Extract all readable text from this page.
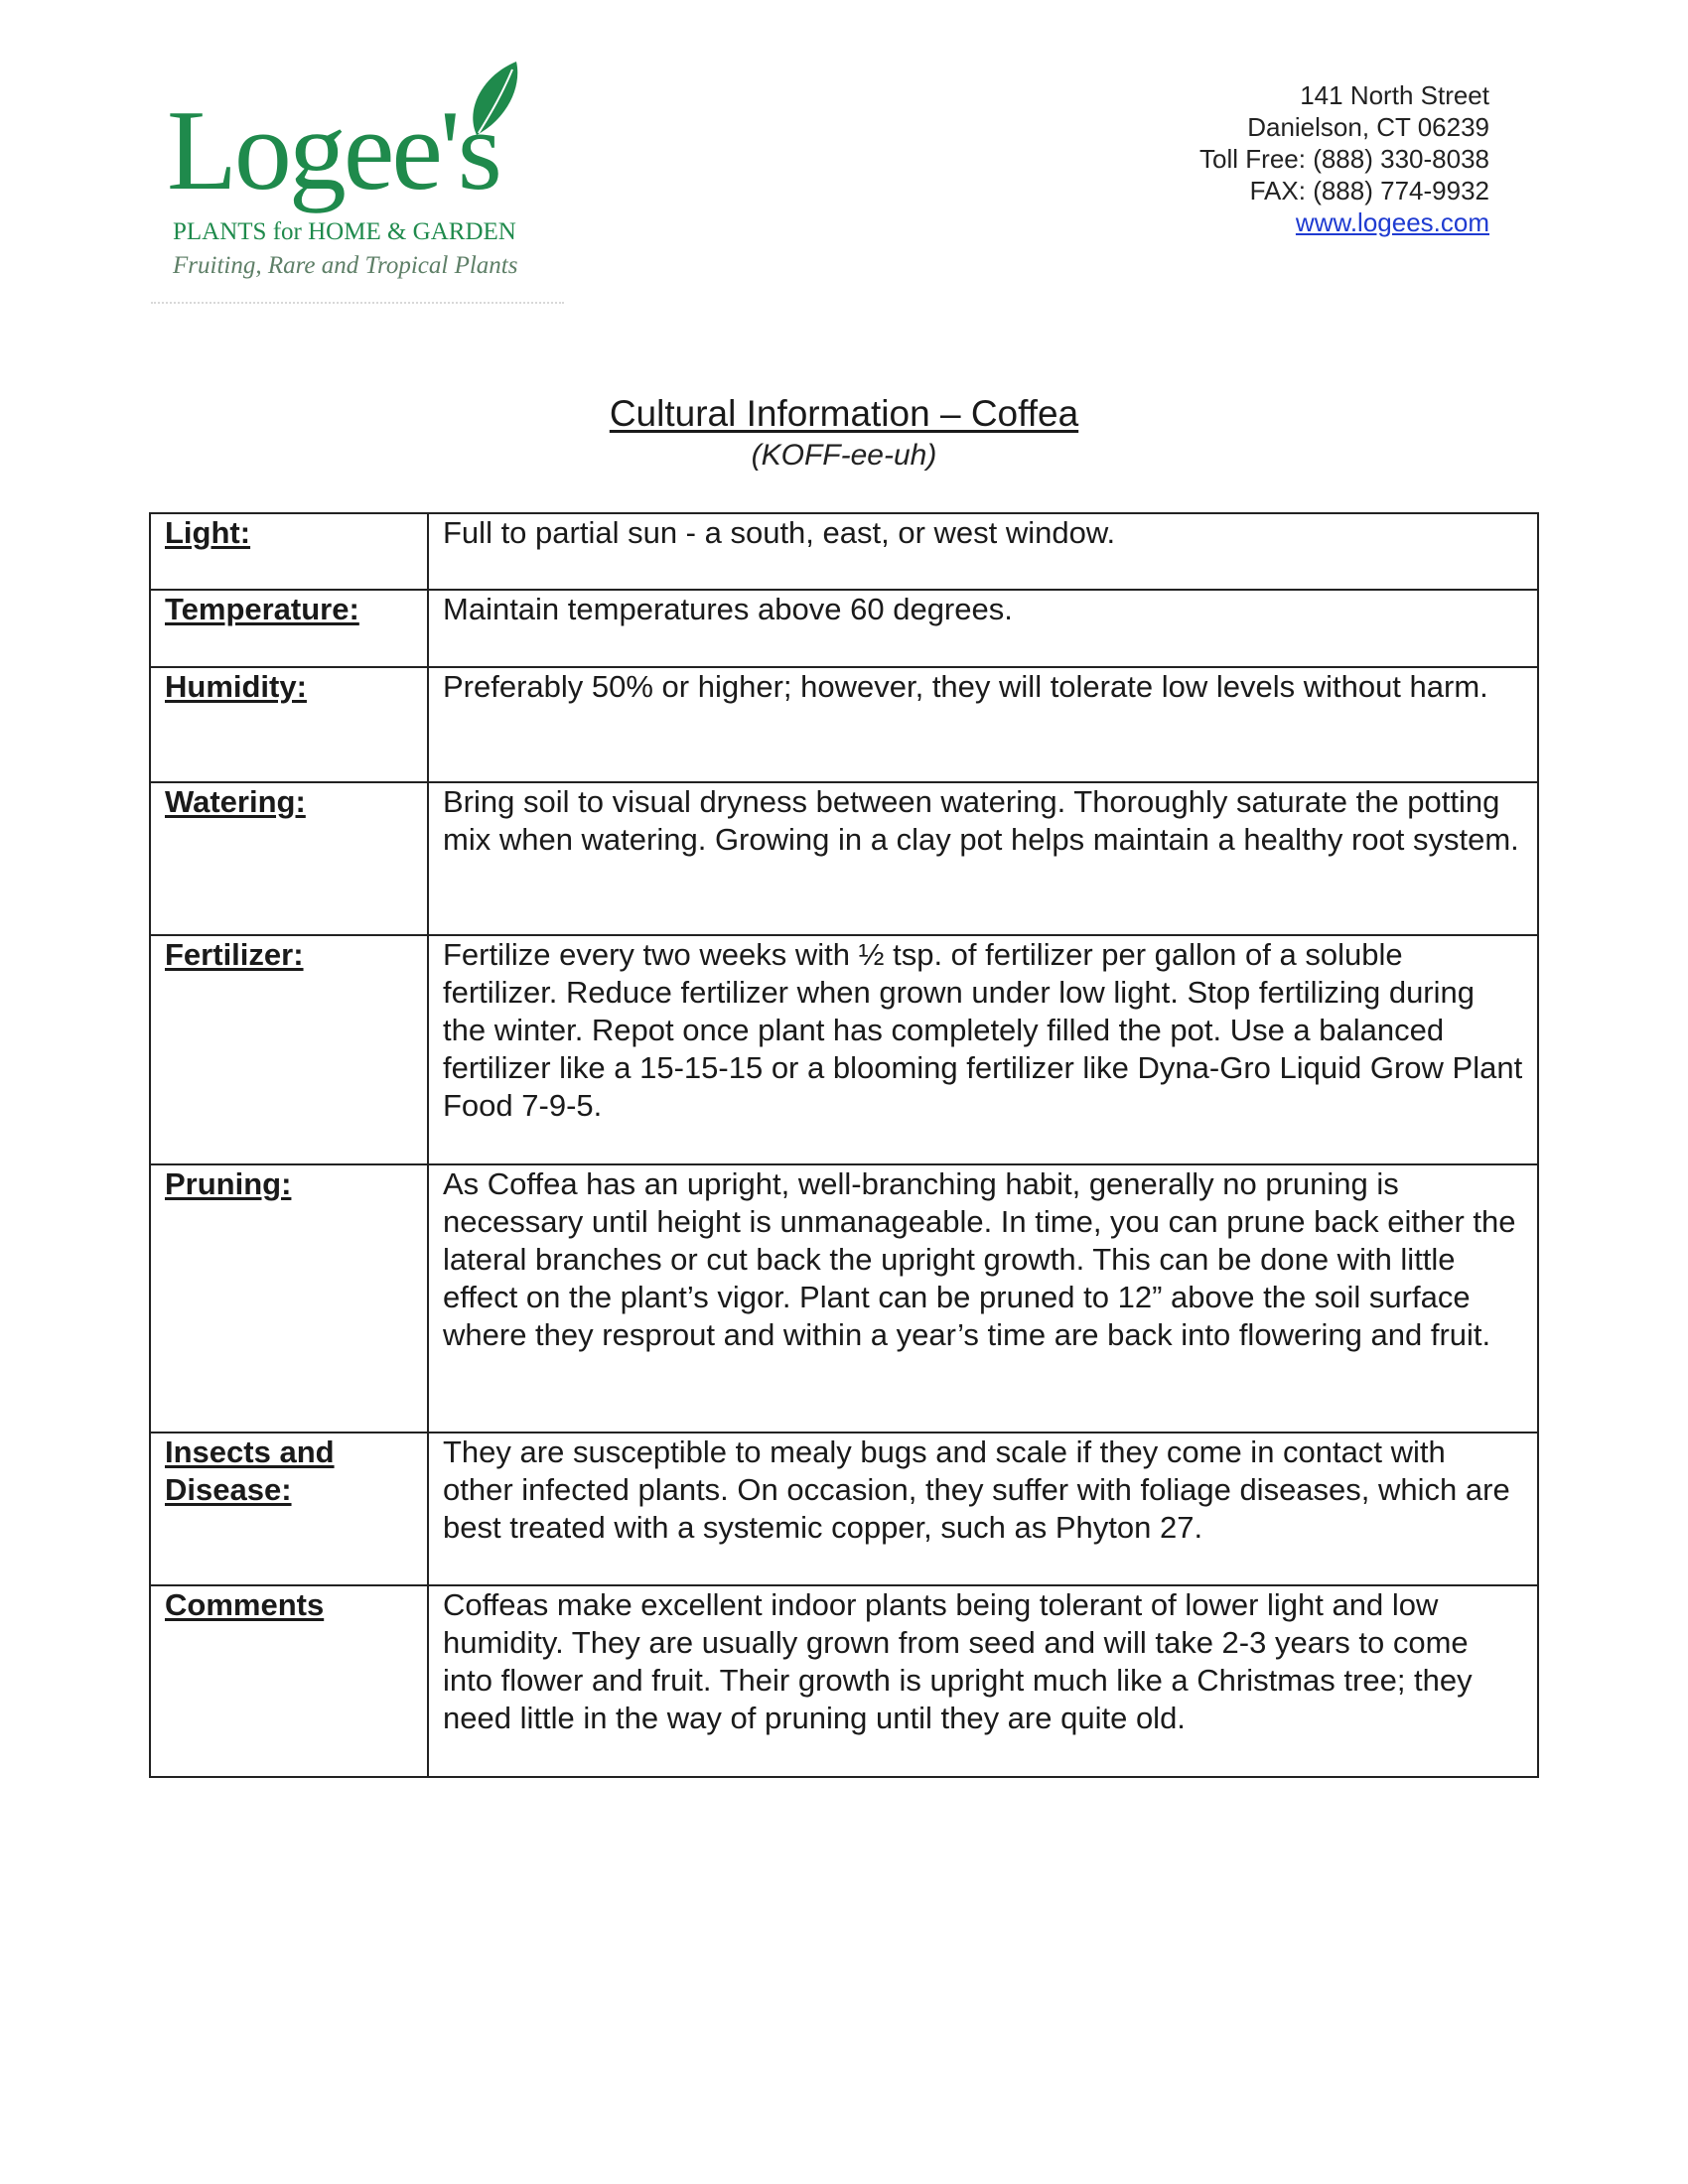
Logee's
PLANTS for HOME & GARDEN
Fruiting, Rare and Tropical Plants
141 North Street
Danielson, CT 06239
Toll Free: (888) 330-8038
FAX: (888) 774-9932
www.logees.com
Cultural Information – Coffea
(KOFF-ee-uh)
Light:	Full to partial sun - a south, east, or west window.
Temperature:	Maintain temperatures above 60 degrees.
Humidity:	Preferably 50% or higher; however, they will tolerate low levels without harm.
Watering:	Bring soil to visual dryness between watering. Thoroughly saturate the potting mix when watering. Growing in a clay pot helps maintain a healthy root system.
Fertilizer:	Fertilize every two weeks with ½ tsp. of fertilizer per gallon of a soluble fertilizer. Reduce fertilizer when grown under low light. Stop fertilizing during the winter. Repot once plant has completely filled the pot. Use a balanced fertilizer like a 15-15-15 or a blooming fertilizer like Dyna-Gro Liquid Grow Plant Food 7-9-5.
Pruning:	As Coffea has an upright, well-branching habit, generally no pruning is necessary until height is unmanageable. In time, you can prune back either the lateral branches or cut back the upright growth. This can be done with little effect on the plant’s vigor. Plant can be pruned to 12” above the soil surface where they resprout and within a year’s time are back into flowering and fruit.
Insects and Disease:	They are susceptible to mealy bugs and scale if they come in contact with other infected plants. On occasion, they suffer with foliage diseases, which are best treated with a systemic copper, such as Phyton 27.
Comments	Coffeas make excellent indoor plants being tolerant of lower light and low humidity. They are usually grown from seed and will take 2-3 years to come into flower and fruit. Their growth is upright much like a Christmas tree; they need little in the way of pruning until they are quite old.
